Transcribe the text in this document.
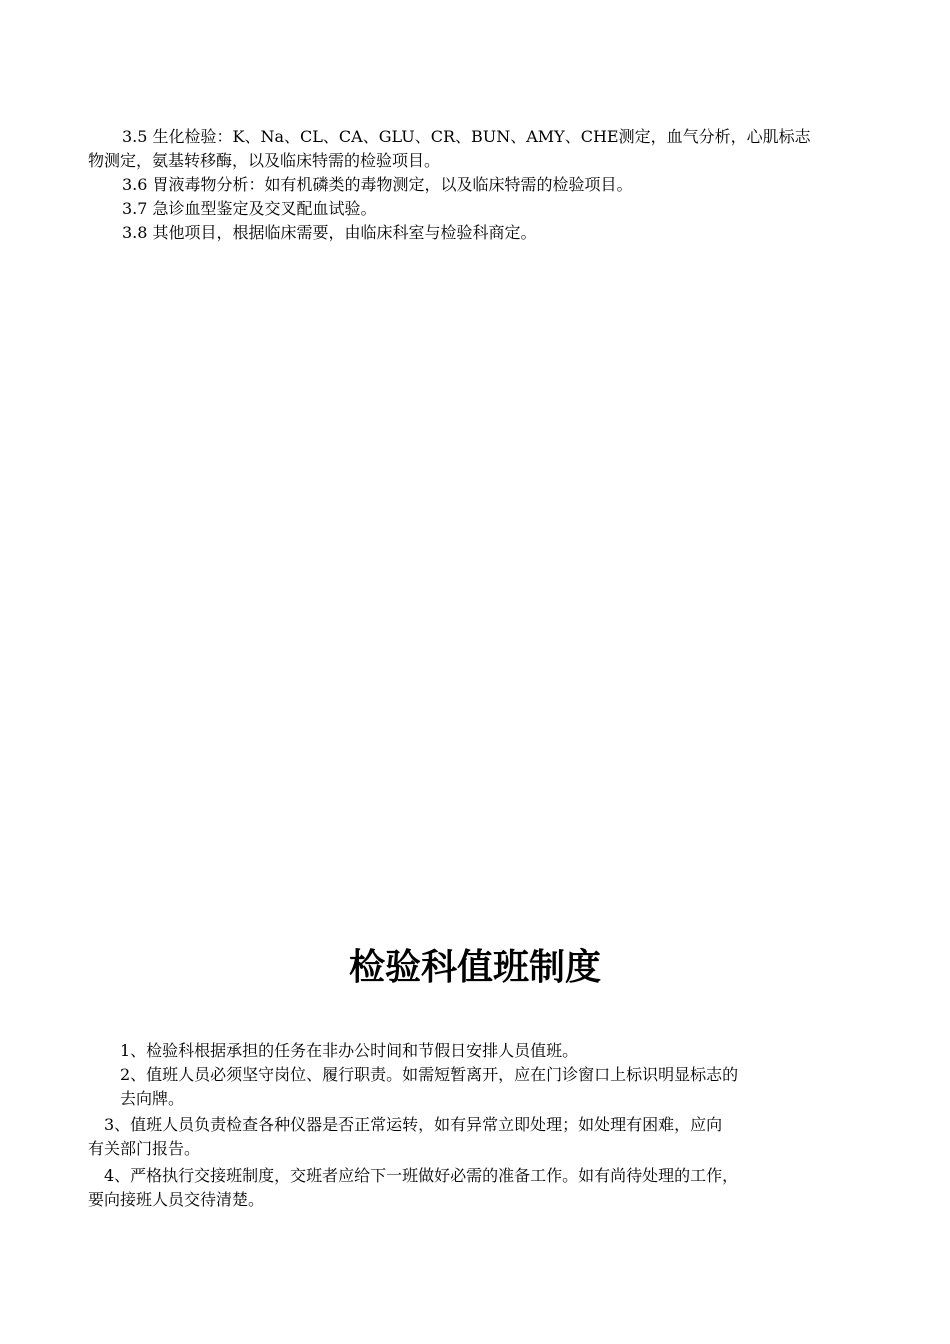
3.5 生化检验：K、Na、CL、CA、GLU、CR、BUN、AMY、CHE测定，血气分析，心肌标志

物测定，氨基转移酶，以及临床特需的检验项目。

3.6 胃液毒物分析：如有机磷类的毒物测定，以及临床特需的检验项目。

3.7 急诊血型鉴定及交叉配血试验。

3.8 其他项目，根据临床需要，由临床科室与检验科商定。

检验科值班制度

1、检验科根据承担的任务在非办公时间和节假日安排人员值班。

2、值班人员必须坚守岗位、履行职责。如需短暂离开，应在门诊窗口上标识明显标志的

去向牌。

3、值班人员负责检查各种仪器是否正常运转，如有异常立即处理；如处理有困难，应向

有关部门报告。

4、严格执行交接班制度，交班者应给下一班做好必需的准备工作。如有尚待处理的工作，

要向接班人员交待清楚。
